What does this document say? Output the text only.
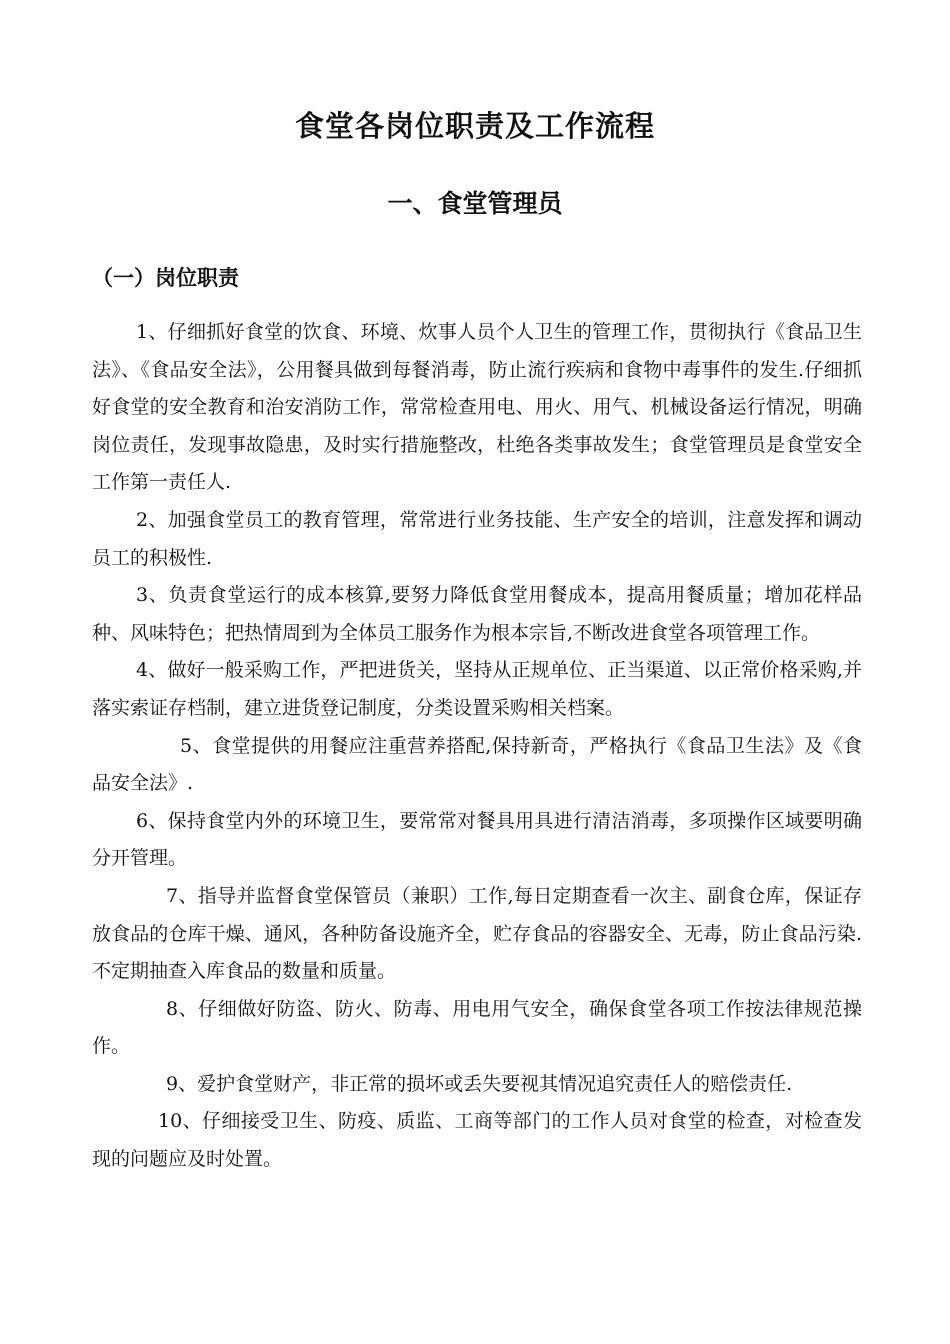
食堂各岗位职责及工作流程
一、食堂管理员
（一）岗位职责

1、仔细抓好食堂的饮食、环境、炊事人员个人卫生的管理工作，贯彻执行《食品卫生法》、《食品安全法》，公用餐具做到每餐消毒，防止流行疾病和食物中毒事件的发生.仔细抓好食堂的安全教育和治安消防工作，常常检查用电、用火、用气、机械设备运行情况，明确岗位责任，发现事故隐患，及时实行措施整改，杜绝各类事故发生；食堂管理员是食堂安全工作第一责任人.

2、加强食堂员工的教育管理，常常进行业务技能、生产安全的培训，注意发挥和调动员工的积极性.

3、负责食堂运行的成本核算,要努力降低食堂用餐成本，提高用餐质量；增加花样品种、风味特色；把热情周到为全体员工服务作为根本宗旨,不断改进食堂各项管理工作。

4、做好一般采购工作，严把进货关，坚持从正规单位、正当渠道、以正常价格采购,并落实索证存档制，建立进货登记制度，分类设置采购相关档案。

5、食堂提供的用餐应注重营养搭配,保持新奇，严格执行《食品卫生法》及《食品安全法》.

6、保持食堂内外的环境卫生，要常常对餐具用具进行清洁消毒，多项操作区域要明确分开管理。

7、指导并监督食堂保管员（兼职）工作,每日定期查看一次主、副食仓库，保证存放食品的仓库干燥、通风，各种防备设施齐全，贮存食品的容器安全、无毒，防止食品污染.不定期抽查入库食品的数量和质量。

8、仔细做好防盗、防火、防毒、用电用气安全，确保食堂各项工作按法律规范操作。

9、爱护食堂财产，非正常的损坏或丢失要视其情况追究责任人的赔偿责任.

10、仔细接受卫生、防疫、质监、工商等部门的工作人员对食堂的检查，对检查发现的问题应及时处置。
